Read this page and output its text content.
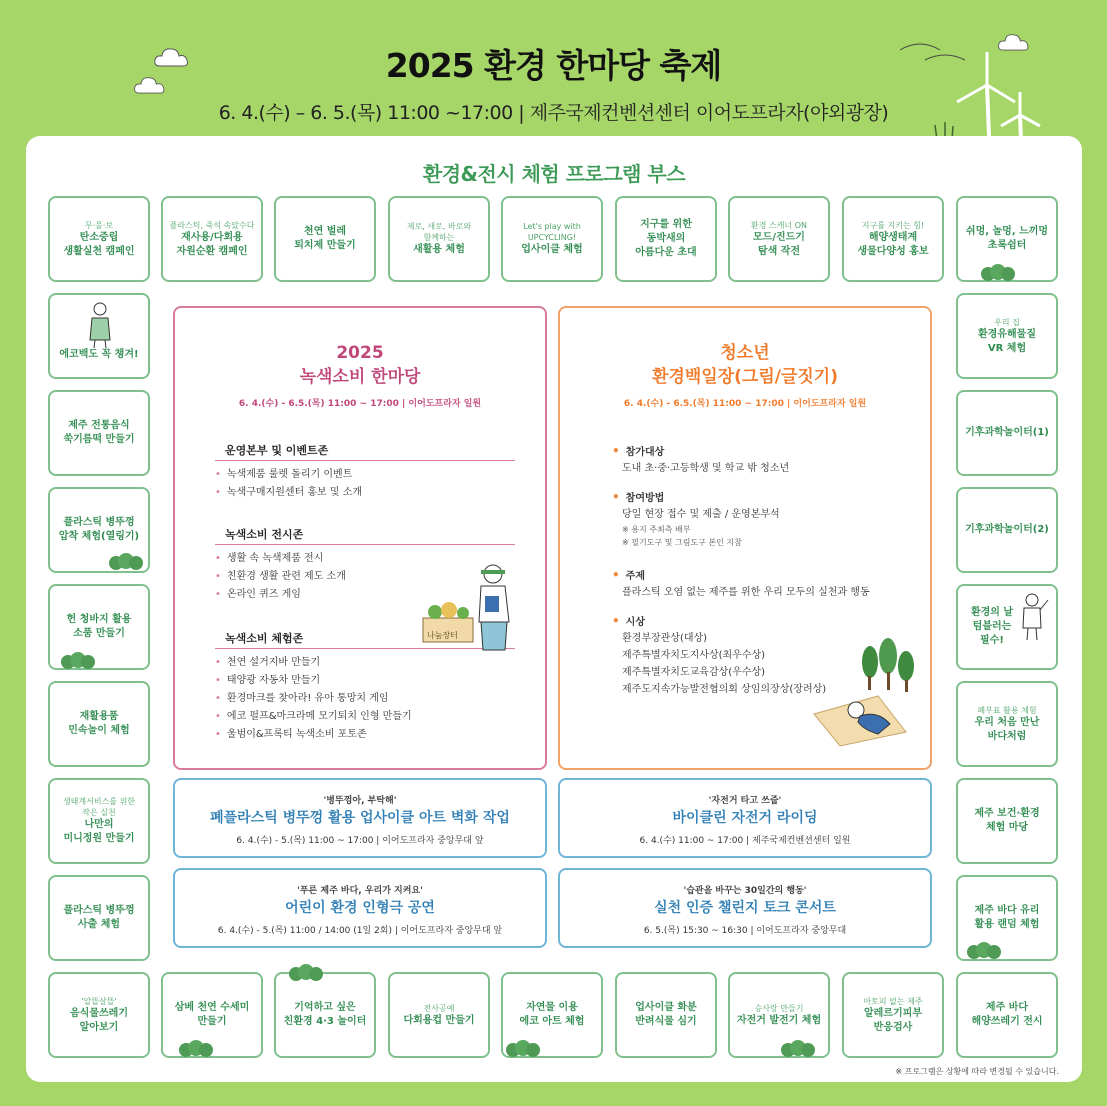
2025 환경 한마당 축제
6. 4.(수) – 6. 5.(목) 11:00 ~17:00 | 제주국제컨벤션센터 이어도프라자(야외광장)
환경&전시 체험 프로그램 부스
무·몰·보
탄소중립
생활실천 캠페인
플라스틱, 죽석 속았수다
재사용/다회용
자원순환 캠페인
천연 벌레
퇴치제 만들기
제로, 새로, 바로와
함께하는
새활용 체험
Let's play with
UPCYCLING!
업사이클 체험
지구를 위한
동박새의
아름다운 초대
환경 스캐너 ON
모드/진드기
탐색 작전
지구를 지키는 힘!
해양생태계
생물다양성 홍보
쉬멍, 놀멍, 느끼멍
초록쉼터
에코백도 꼭 챙겨!
제주 전통음식
쑥기름떡 만들기
플라스틱 병뚜껑
압착 체험(열링기)
헌 청바지 활용
소품 만들기
재활용품
민속놀이 체험
생태계서비스를 위한
작은 실천
나만의
미니정원 만들기
플라스틱 병뚜껑
사출 체험
우리 집
환경유해물질
VR 체험
기후과학놀이터(1)
기후과학놀이터(2)
환경의 날
텀블러는
필수!
폐부표 활용 체험
우리 처음 만난
바다처럼
제주 보건·환경
체험 마당
제주 바다 유리
활용 랜덤 체험
'알뜰살뜰'
음식물쓰레기
알아보기
삼베 천연 수세미
만들기
기억하고 싶은
친환경 4·3 놀이터
전사공예
다회용컵 만들기
자연물 이용
에코 아트 체험
업사이클 화분
반려식물 심기
승사랑 만들기
자전거 발전기 체험
아토피 없는 제주
알레르기피부
반응검사
제주 바다
해양쓰레기 전시
2025
녹색소비 한마당
6. 4.(수) - 6.5.(목) 11:00 ~ 17:00 | 이어도프라자 일원
운영본부 및 이벤트존
• 녹색제품 룰렛 돌리기 이벤트
• 녹색구매지원센터 홍보 및 소개
녹색소비 전시존
• 생활 속 녹색제품 전시
• 친환경 생활 관련 제도 소개
• 온라인 퀴즈 게임
녹색소비 체험존
• 천연 설거지바 만들기
• 태양광 자동차 만들기
• 환경마크를 찾아라! 유아 통망치 게임
• 에코 펄프&마크라메 모기퇴치 인형 만들기
• 울범이&프록티 녹색소비 포토존
나눔장터
청소년
환경백일장(그림/글짓기)
6. 4.(수) - 6.5.(목) 11:00 ~ 17:00 | 이어도프라자 일원
• 참가대상
도내 초·중·고등학생 및 학교 밖 청소년
• 참여방법
당일 현장 접수 및 제출 / 운영본부석
※ 용지 주최측 배부
※ 필기도구 및 그림도구 본인 지참
• 주제
플라스틱 오염 없는 제주를 위한 우리 모두의 실천과 행동
• 시상
환경부장관상(대상)
제주특별자치도지사상(최우수상)
제주특별자치도교육감상(우수상)
제주도지속가능발전협의회 상임의장상(장려상)
'병뚜껑아, 부탁해'
폐플라스틱 병뚜껑 활용 업사이클 아트 벽화 작업
6. 4.(수) - 5.(목) 11:00 ~ 17:00 | 이어도프라자 중앙무대 앞
'자전거 타고 쓰줍'
바이클린 자전거 라이딩
6. 4.(수) 11:00 ~ 17:00 | 제주국제컨벤션센터 일원
'푸른 제주 바다, 우리가 지켜요'
어린이 환경 인형극 공연
6. 4.(수) - 5.(목) 11:00 / 14:00 (1일 2회) | 이어도프라자 중앙무대 앞
'습관을 바꾸는 30일간의 행동'
실천 인증 챌린지 토크 콘서트
6. 5.(목) 15:30 ~ 16:30 | 이어도프라자 중앙무대
※ 프로그램은 상황에 따라 변경될 수 있습니다.
